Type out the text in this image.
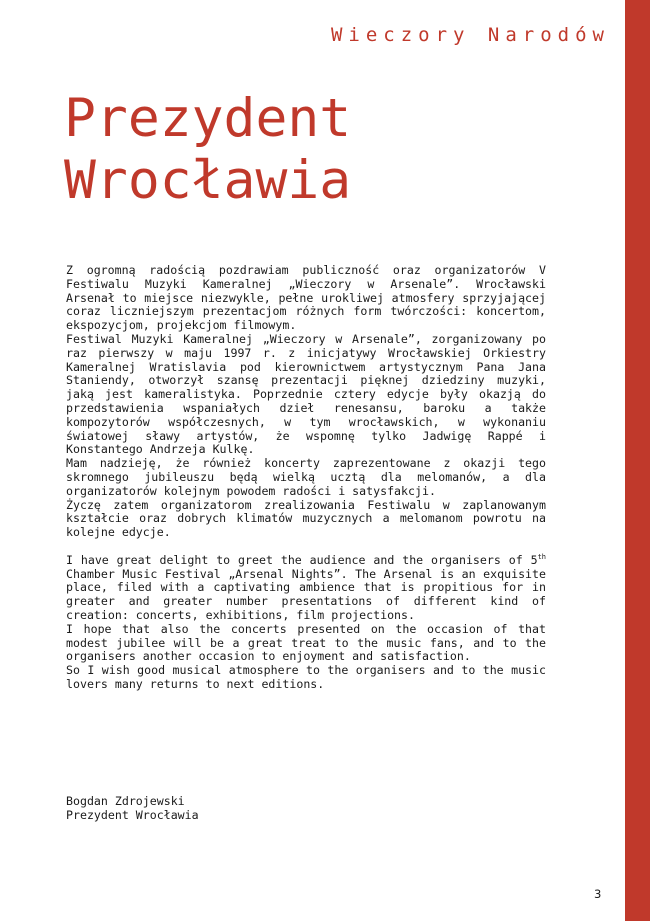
Wieczory Narodów
Prezydent
Wrocławia

Z ogromną radością pozdrawiam publiczność oraz organizatorów V Festiwalu Muzyki Kameralnej „Wieczory w Arsenale”. Wrocławski Arsenał to miejsce niezwykle, pełne urokliwej atmosfery sprzyjającej coraz liczniejszym prezentacjom różnych form twórczości: koncertom, ekspozycjom, projekcjom filmowym.

Festiwal Muzyki Kameralnej „Wieczory w Arsenale”, zorganizowany po raz pierwszy w maju 1997 r. z inicjatywy Wrocławskiej Orkiestry Kameralnej Wratislavia pod kierownictwem artystycznym Pana Jana Staniendy, otworzył szansę prezentacji pięknej dziedziny muzyki, jaką jest kameralistyka. Poprzednie cztery edycje były okazją do przedstawienia wspaniałych dzieł renesansu, baroku a także kompozytorów współczesnych, w tym wrocławskich, w wykonaniu światowej sławy artystów, że wspomnę tylko Jadwigę Rappé i Konstantego Andrzeja Kulkę.

Mam nadzieję, że również koncerty zaprezentowane z okazji tego skromnego jubileuszu będą wielką ucztą dla melomanów, a dla organizatorów kolejnym powodem radości i satysfakcji.

Życzę zatem organizatorom zrealizowania Festiwalu w zaplanowanym kształcie oraz dobrych klimatów muzycznych a melomanom powrotu na kolejne edycje.

I have great delight to greet the audience and the organisers of 5th Chamber Music Festival „Arsenal Nights”. The Arsenal is an exquisite place, filed with a captivating ambience that is propitious for in greater and greater number presentations of different kind of creation: concerts, exhibitions, film projections.

I hope that also the concerts presented on the occasion of that modest jubilee will be a great treat to the music fans, and to the organisers another occasion to enjoyment and satisfaction.

So I wish good musical atmosphere to the organisers and to the music lovers many returns to next editions.

Bogdan Zdrojewski
Prezydent Wrocławia
3
